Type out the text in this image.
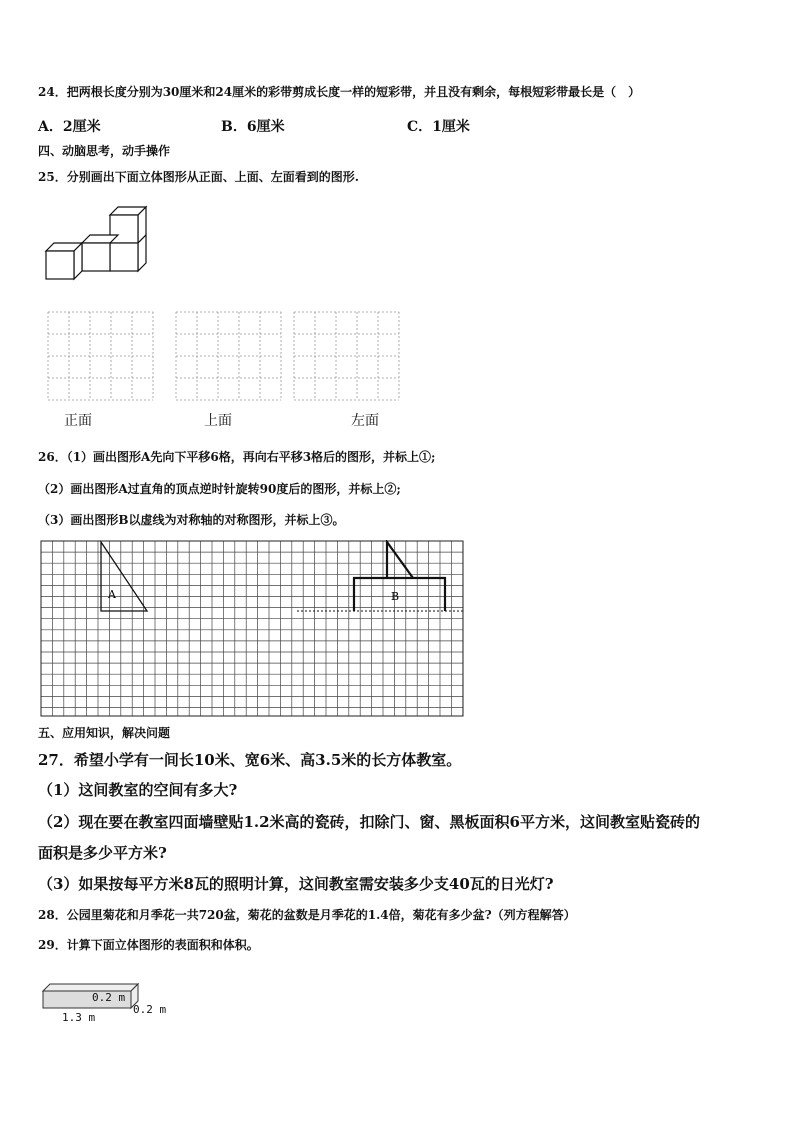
24．把两根长度分别为30厘米和24厘米的彩带剪成长度一样的短彩带，并且没有剩余，每根短彩带最长是（　）
A．2厘米	B．6厘米	C．1厘米
四、动脑思考，动手操作
25．分别画出下面立体图形从正面、上面、左面看到的图形.
正面	上面	左面
26．（1）画出图形A先向下平移6格，再向右平移3格后的图形，并标上①;
（2）画出图形A过直角的顶点逆时针旋转90度后的图形，并标上②;
（3）画出图形B以虚线为对称轴的对称图形，并标上③。
A	B
五、应用知识，解决问题
27．希望小学有一间长10米、宽6米、高3.5米的长方体教室。
（1）这间教室的空间有多大?
（2）现在要在教室四面墙壁贴1.2米高的瓷砖，扣除门、窗、黑板面积6平方米，这间教室贴瓷砖的
面积是多少平方米?
（3）如果按每平方米8瓦的照明计算，这间教室需安装多少支40瓦的日光灯?
28．公园里菊花和月季花一共720盆，菊花的盆数是月季花的1.4倍，菊花有多少盆?（列方程解答）
29．计算下面立体图形的表面积和体积。
0.2 m
0.2 m
1.3 m
